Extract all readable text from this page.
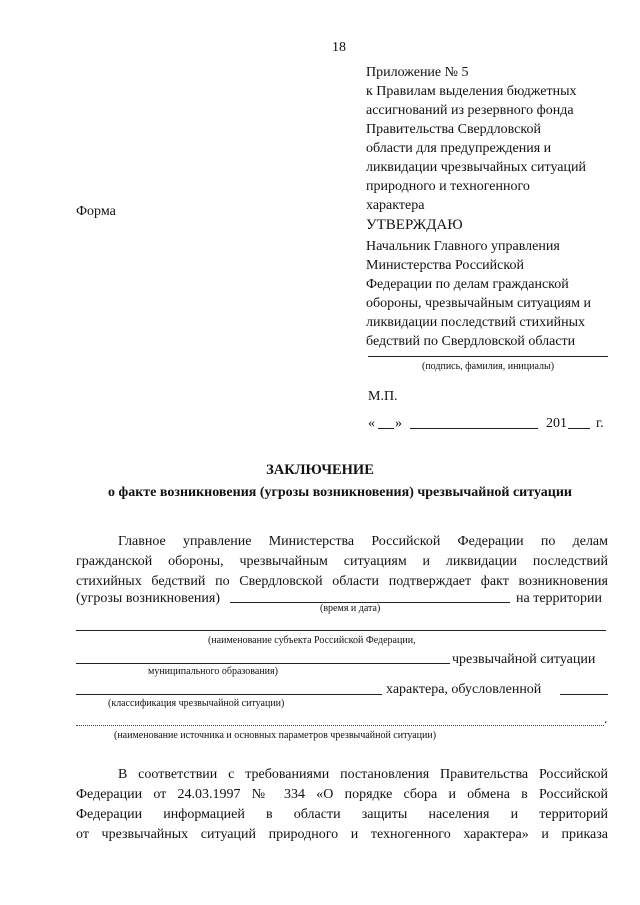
18
Приложение № 5
к Правилам выделения бюджетных
ассигнований из резервного фонда
Правительства Свердловской
области для предупреждения и
ликвидации чрезвычайных ситуаций
природного и техногенного
характера
Форма
УТВЕРЖДАЮ
Начальник Главного управления
Министерства Российской
Федерации по делам гражданской
обороны, чрезвычайным ситуациям и
ликвидации последствий стихийных
бедствий по Свердловской области
(подпись, фамилия, инициалы)
М.П.
« »	201 г.
ЗАКЛЮЧЕНИЕ
о факте возникновения (угрозы возникновения) чрезвычайной ситуации
Главное управление Министерства Российской Федерации по делам
гражданской обороны, чрезвычайным ситуациям и ликвидации последствий
стихийных бедствий по Свердловской области подтверждает факт возникновения
(угрозы возникновения)	на территории
(время и дата)
(наименование субъекта Российской Федерации,
чрезвычайной ситуации
муниципального образования)
характера, обусловленной
(классификация чрезвычайной ситуации)
.
(наименование источника и основных параметров чрезвычайной ситуации)
В соответствии с требованиями постановления Правительства Российской
Федерации от 24.03.1997 № 334 «О порядке сбора и обмена в Российской
Федерации информацией в области защиты населения и территорий
от чрезвычайных ситуаций природного и техногенного характера» и приказа
